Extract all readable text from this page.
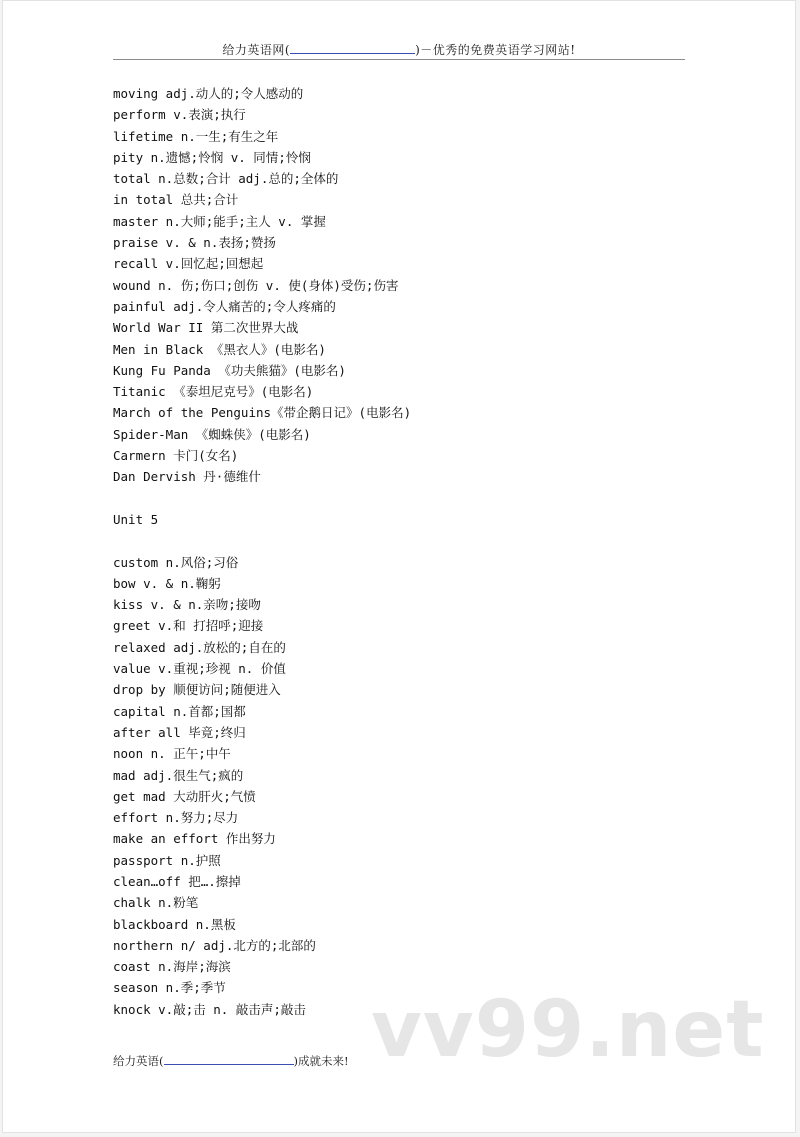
给力英语网(	)－优秀的免费英语学习网站!
moving adj.动人的;令人感动的
perform v.表演;执行
lifetime n.一生;有生之年
pity n.遗憾;怜悯 v. 同情;怜悯
total n.总数;合计 adj.总的;全体的
in total 总共;合计
master n.大师;能手;主人 v. 掌握
praise v. & n.表扬;赞扬
recall v.回忆起;回想起
wound n. 伤;伤口;创伤 v. 使(身体)受伤;伤害
painful adj.令人痛苦的;令人疼痛的
World War II 第二次世界大战
Men in Black 《黑衣人》(电影名)
Kung Fu Panda 《功夫熊猫》(电影名)
Titanic 《泰坦尼克号》(电影名)
March of the Penguins《带企鹅日记》(电影名)
Spider-Man 《蜘蛛侠》(电影名)
Carmern 卡门(女名)
Dan Dervish 丹·德维什
Unit 5
custom n.风俗;习俗
bow v. & n.鞠躬
kiss v. & n.亲吻;接吻
greet v.和 打招呼;迎接
relaxed adj.放松的;自在的
value v.重视;珍视 n. 价值
drop by 顺便访问;随便进入
capital n.首都;国都
after all 毕竟;终归
noon n. 正午;中午
mad adj.很生气;疯的
get mad 大动肝火;气愤
effort n.努力;尽力
make an effort 作出努力
passport n.护照
clean…off 把….擦掉
chalk n.粉笔
blackboard n.黑板
northern n/ adj.北方的;北部的
coast n.海岸;海滨
season n.季;季节
knock v.敲;击 n. 敲击声;敲击 vv99.net
给力英语(	)成就未来!
